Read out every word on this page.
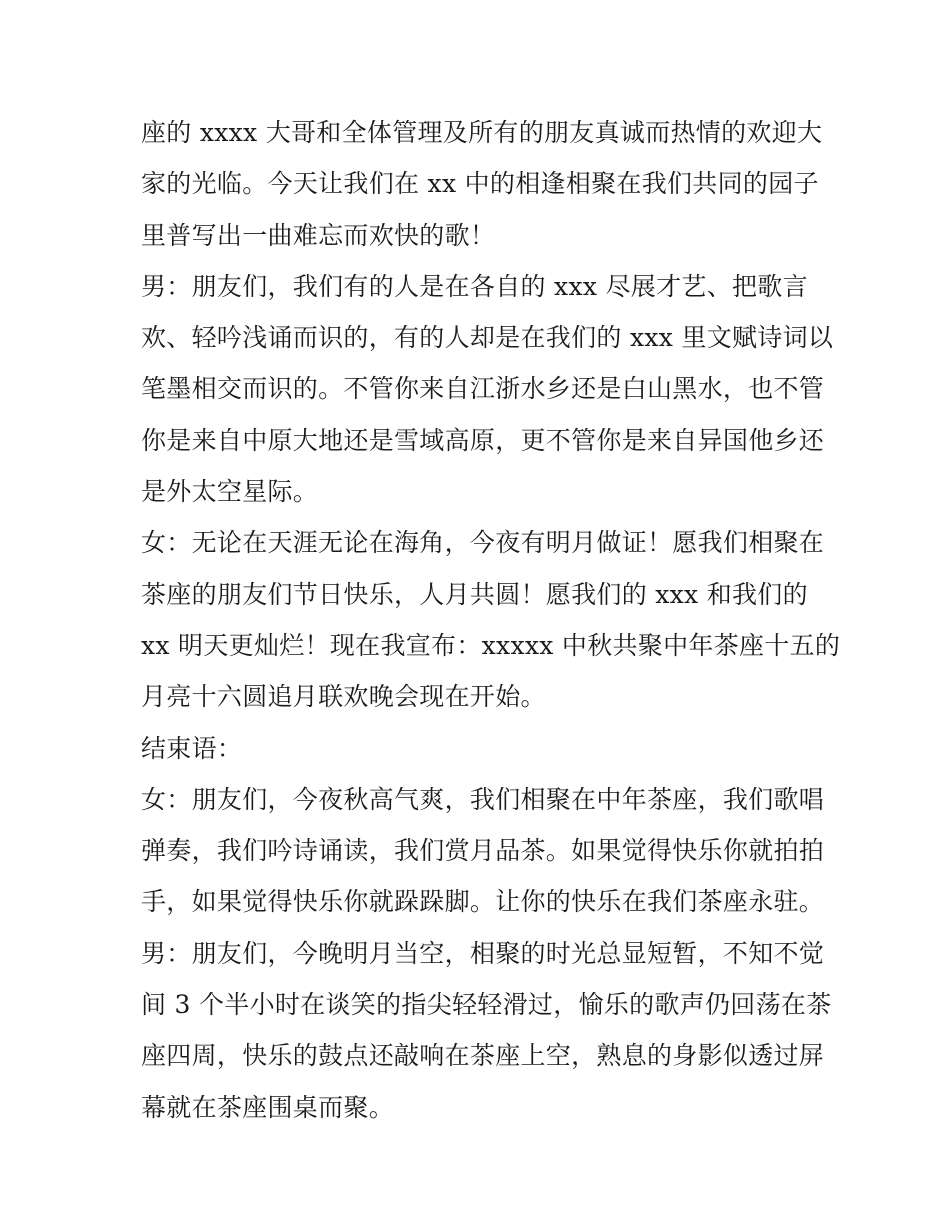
座的 xxxx 大哥和全体管理及所有的朋友真诚而热情的欢迎大
家的光临。今天让我们在 xx 中的相逢相聚在我们共同的园子
里普写出一曲难忘而欢快的歌！
男：朋友们，我们有的人是在各自的 xxx 尽展才艺、把歌言
欢、轻吟浅诵而识的，有的人却是在我们的 xxx 里文赋诗词以
笔墨相交而识的。不管你来自江浙水乡还是白山黑水，也不管
你是来自中原大地还是雪域高原，更不管你是来自异国他乡还
是外太空星际。
女：无论在天涯无论在海角，今夜有明月做证！愿我们相聚在
茶座的朋友们节日快乐，人月共圆！愿我们的 xxx 和我们的
xx 明天更灿烂！现在我宣布：xxxxx 中秋共聚中年茶座十五的
月亮十六圆追月联欢晚会现在开始。
结束语：
女：朋友们，今夜秋高气爽，我们相聚在中年茶座，我们歌唱
弹奏，我们吟诗诵读，我们赏月品茶。如果觉得快乐你就拍拍
手，如果觉得快乐你就跺跺脚。让你的快乐在我们茶座永驻。
男：朋友们，今晚明月当空，相聚的时光总显短暂，不知不觉
间 3 个半小时在谈笑的指尖轻轻滑过，愉乐的歌声仍回荡在茶
座四周，快乐的鼓点还敲响在茶座上空，熟息的身影似透过屏
幕就在茶座围桌而聚。
